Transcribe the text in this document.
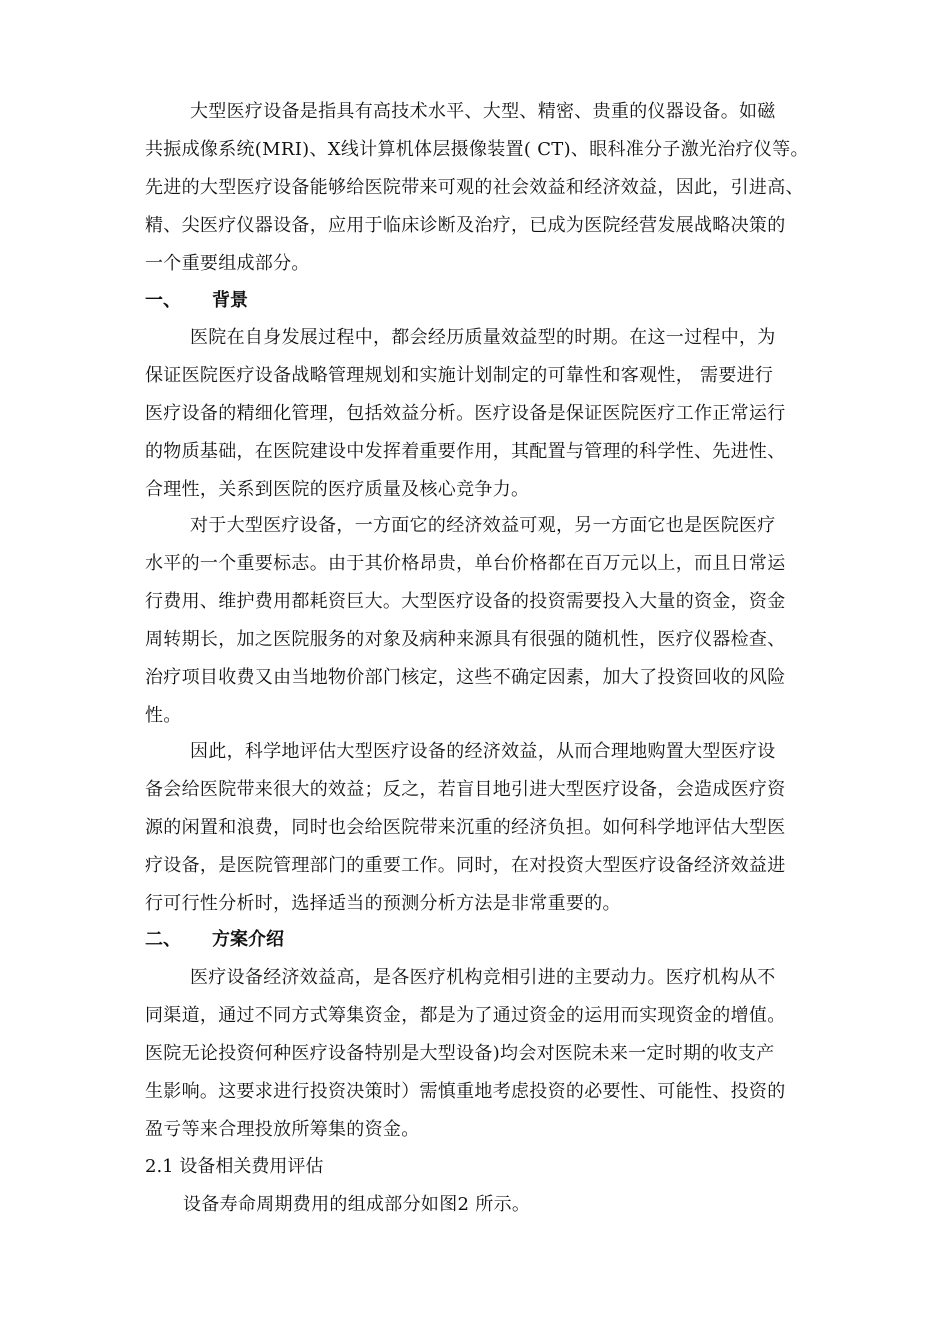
大型医疗设备是指具有高技术水平、大型、精密、贵重的仪器设备。如磁
共振成像系统(MRI)、X线计算机体层摄像装置( CT)、眼科准分子激光治疗仪等。
先进的大型医疗设备能够给医院带来可观的社会效益和经济效益，因此，引进高、
精、尖医疗仪器设备，应用于临床诊断及治疗，已成为医院经营发展战略决策的
一个重要组成部分。
一、 背景
医院在自身发展过程中，都会经历质量效益型的时期。在这一过程中，为
保证医院医疗设备战略管理规划和实施计划制定的可靠性和客观性， 需要进行
医疗设备的精细化管理，包括效益分析。医疗设备是保证医院医疗工作正常运行
的物质基础，在医院建设中发挥着重要作用，其配置与管理的科学性、先进性、
合理性，关系到医院的医疗质量及核心竞争力。
对于大型医疗设备，一方面它的经济效益可观，另一方面它也是医院医疗
水平的一个重要标志。由于其价格昂贵，单台价格都在百万元以上，而且日常运
行费用、维护费用都耗资巨大。大型医疗设备的投资需要投入大量的资金，资金
周转期长，加之医院服务的对象及病种来源具有很强的随机性，医疗仪器检查、
治疗项目收费又由当地物价部门核定，这些不确定因素，加大了投资回收的风险
性。
因此，科学地评估大型医疗设备的经济效益，从而合理地购置大型医疗设
备会给医院带来很大的效益；反之，若盲目地引进大型医疗设备，会造成医疗资
源的闲置和浪费，同时也会给医院带来沉重的经济负担。如何科学地评估大型医
疗设备，是医院管理部门的重要工作。同时，在对投资大型医疗设备经济效益进
行可行性分析时，选择适当的预测分析方法是非常重要的。
二、 方案介绍
医疗设备经济效益高，是各医疗机构竞相引进的主要动力。医疗机构从不
同渠道，通过不同方式筹集资金，都是为了通过资金的运用而实现资金的增值。
医院无论投资何种医疗设备特别是大型设备)均会对医院未来一定时期的收支产
生影响。这要求进行投资决策时）需慎重地考虑投资的必要性、可能性、投资的
盈亏等来合理投放所筹集的资金。
2.1 设备相关费用评估
设备寿命周期费用的组成部分如图2 所示。
